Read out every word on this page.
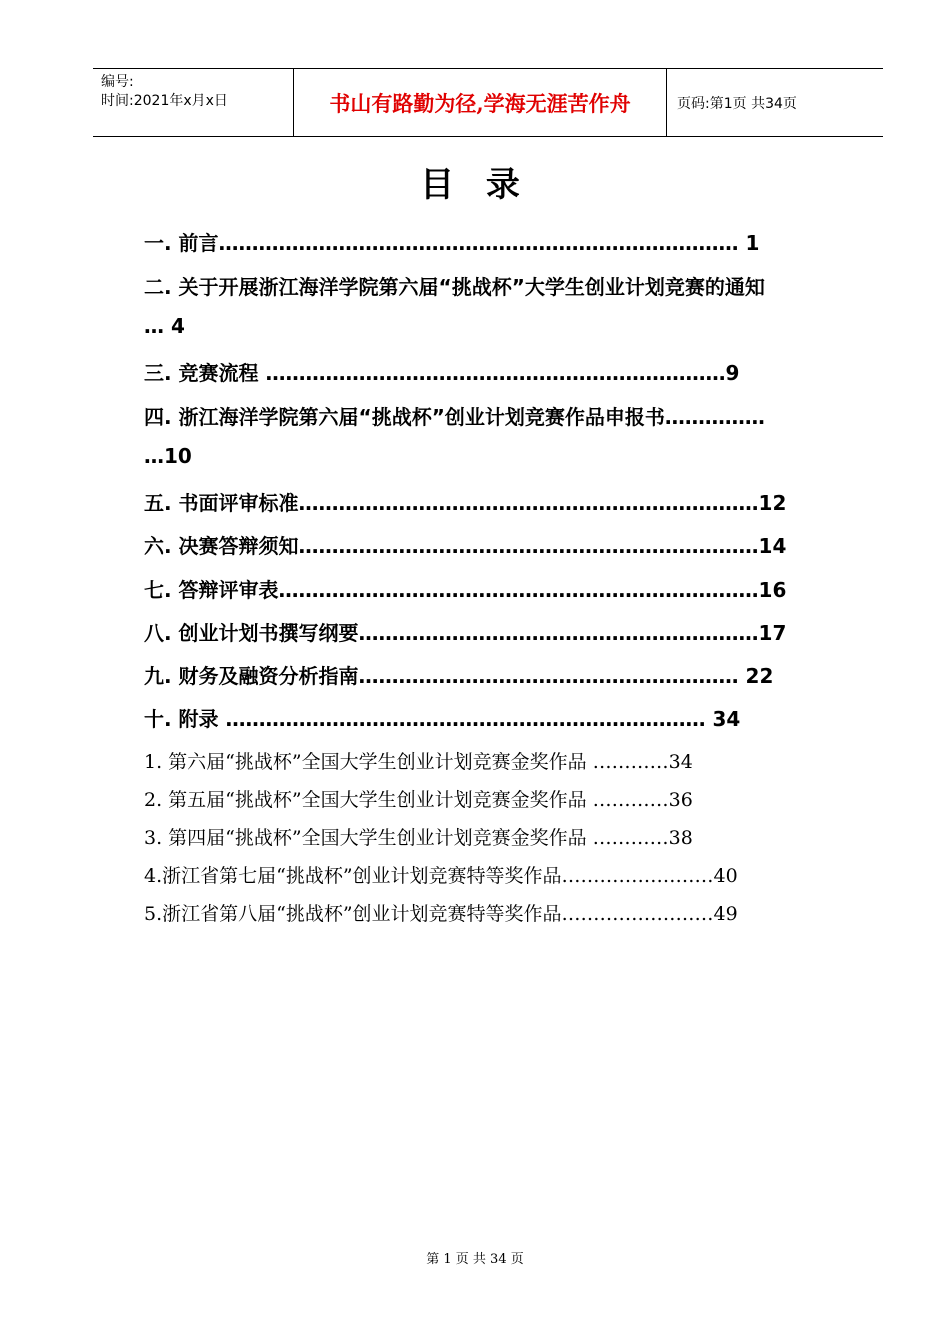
编号:
时间:2021年x月x日	书山有路勤为径,学海无涯苦作舟	页码:第1页 共34页
目 录
一. 前言…………………………………………………………………… 1
二. 关于开展浙江海洋学院第六届“挑战杯”大学生创业计划竞赛的通知
… 4
三. 竞赛流程 ……………………………………………………………9
四. 浙江海洋学院第六届“挑战杯”创业计划竞赛作品申报书……………
…10
五. 书面评审标准……………………………………………………………12
六. 决赛答辩须知……………………………………………………………14
七. 答辩评审表………………………………………………………………16
八. 创业计划书撰写纲要……………………………………………………17
九. 财务及融资分析指南………………………………………………… 22
十. 附录 ……………………………………………………………… 34
1. 第六届“挑战杯”全国大学生创业计划竞赛金奖作品 …………34
2. 第五届“挑战杯”全国大学生创业计划竞赛金奖作品 …………36
3. 第四届“挑战杯”全国大学生创业计划竞赛金奖作品 …………38
4.浙江省第七届“挑战杯”创业计划竞赛特等奖作品……………………40
5.浙江省第八届“挑战杯”创业计划竞赛特等奖作品……………………49
第 1 页 共 34 页
